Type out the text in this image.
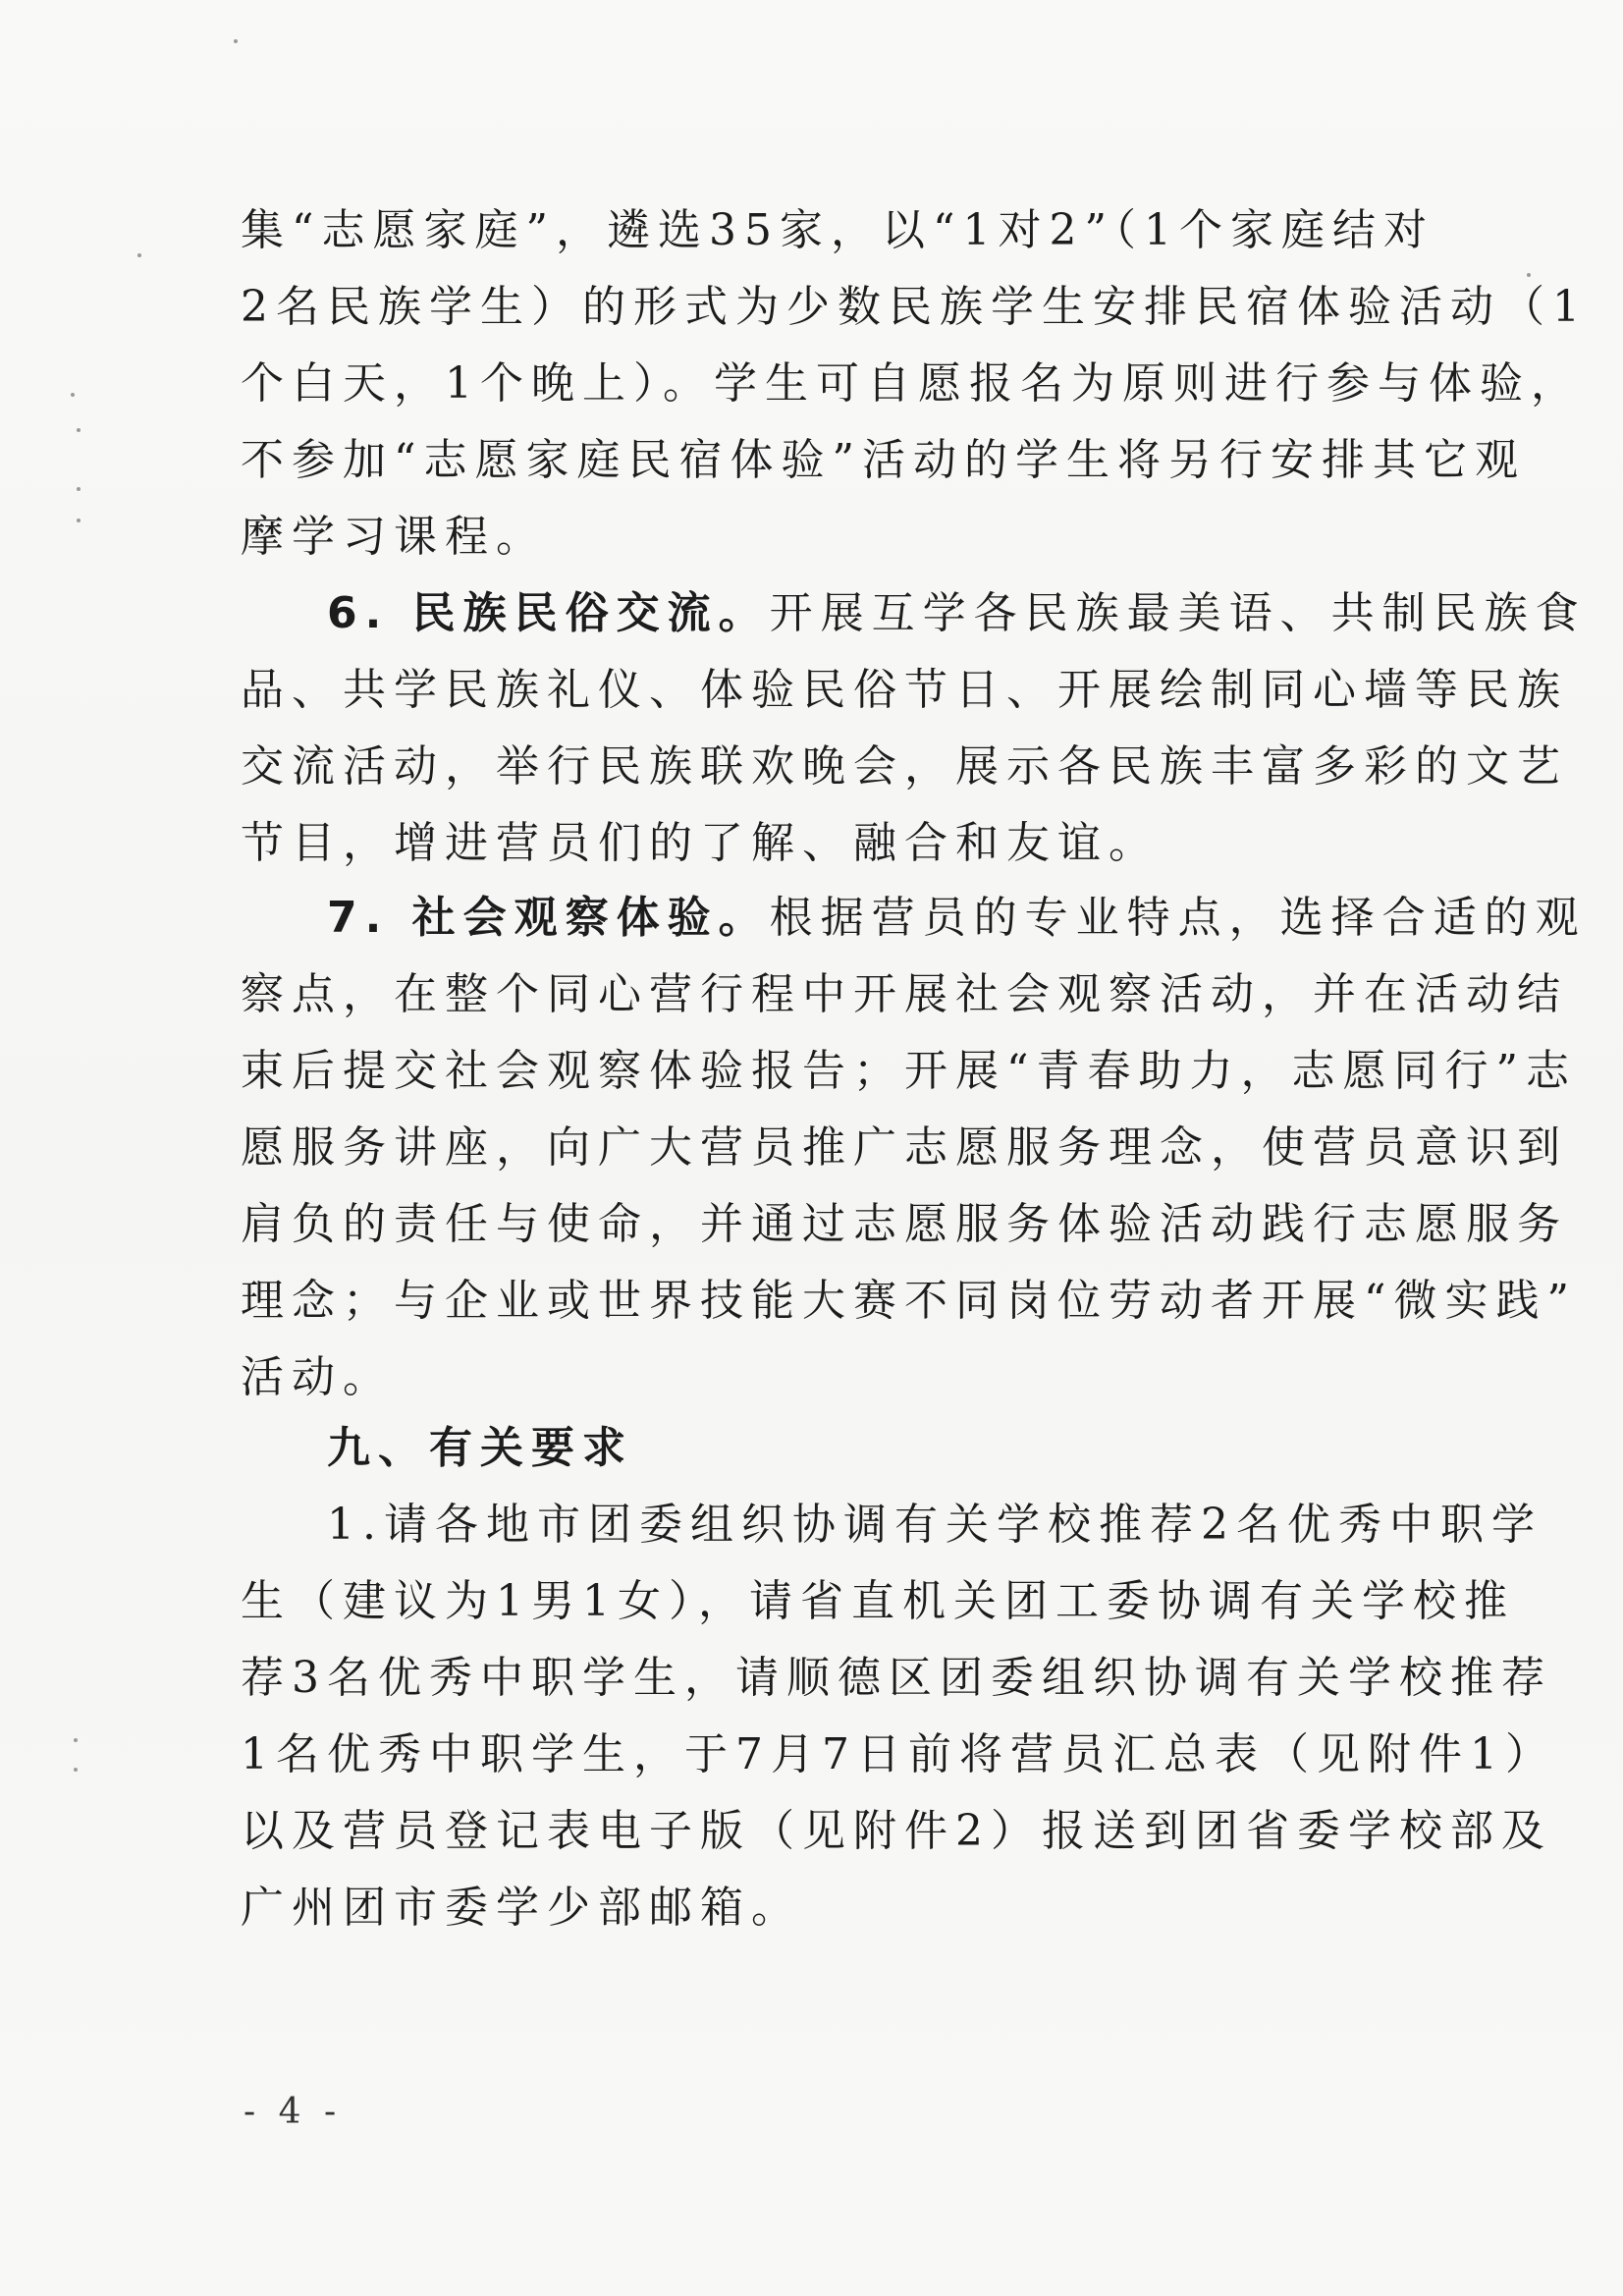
集“志愿家庭”，遴选35家，以“1对2”（1个家庭结对
2名民族学生）的形式为少数民族学生安排民宿体验活动（1
个白天，1个晚上）。学生可自愿报名为原则进行参与体验，
不参加“志愿家庭民宿体验”活动的学生将另行安排其它观
摩学习课程。
6. 民族民俗交流。开展互学各民族最美语、共制民族食
品、共学民族礼仪、体验民俗节日、开展绘制同心墙等民族
交流活动，举行民族联欢晚会，展示各民族丰富多彩的文艺
节目，增进营员们的了解、融合和友谊。
7. 社会观察体验。根据营员的专业特点，选择合适的观
察点，在整个同心营行程中开展社会观察活动，并在活动结
束后提交社会观察体验报告；开展“青春助力，志愿同行”志
愿服务讲座，向广大营员推广志愿服务理念，使营员意识到
肩负的责任与使命，并通过志愿服务体验活动践行志愿服务
理念；与企业或世界技能大赛不同岗位劳动者开展“微实践”
活动。
九、有关要求
1.请各地市团委组织协调有关学校推荐2名优秀中职学
生（建议为1男1女），请省直机关团工委协调有关学校推
荐3名优秀中职学生，请顺德区团委组织协调有关学校推荐
1名优秀中职学生，于7月7日前将营员汇总表（见附件1）
以及营员登记表电子版（见附件2）报送到团省委学校部及
广州团市委学少部邮箱。
- 4 -
